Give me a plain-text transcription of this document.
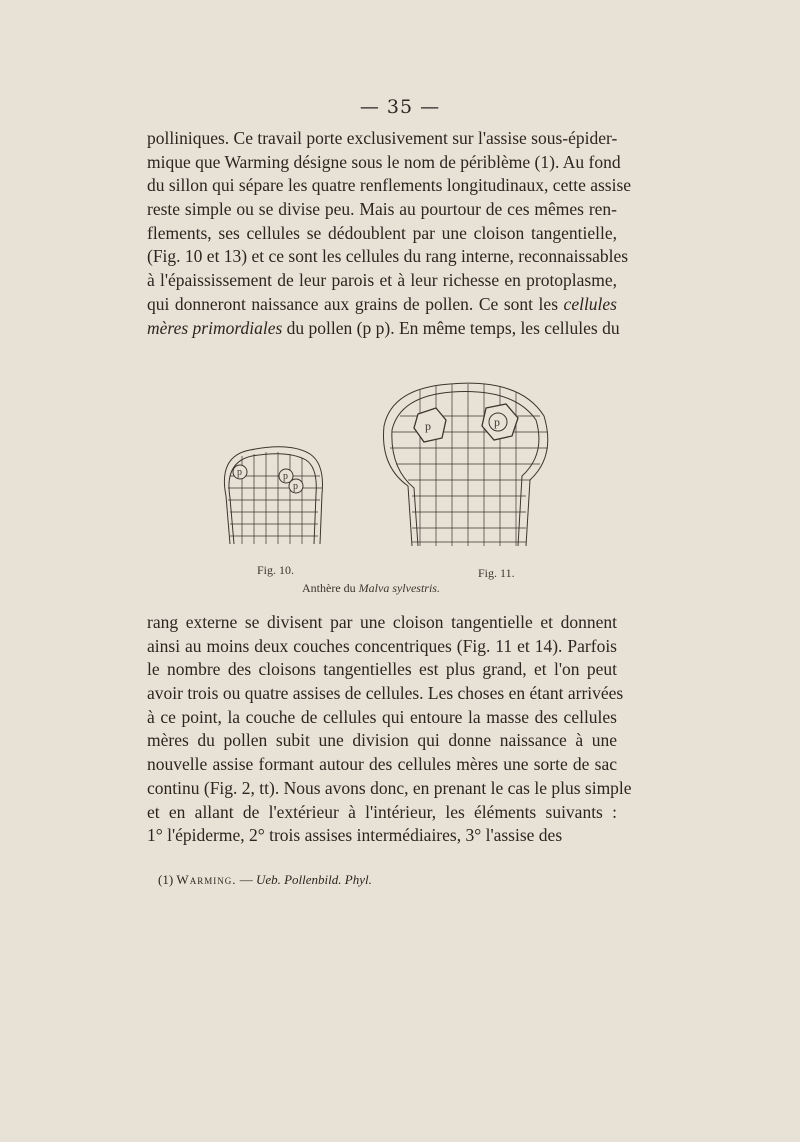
— 35 —
polliniques. Ce travail porte exclusivement sur l'assise sous-épider-
mique que Warming désigne sous le nom de périblème (1). Au fond
du sillon qui sépare les quatre renflements longitudinaux, cette assise
reste simple ou se divise peu. Mais au pourtour de ces mêmes ren-
flements, ses cellules se dédoublent par une cloison tangentielle,
(Fig. 10 et 13) et ce sont les cellules du rang interne, reconnaissables
à l'épaississement de leur parois et à leur richesse en protoplasme,
qui donneront naissance aux grains de pollen. Ce sont les cellules
mères primordiales du pollen (p p). En même temps, les cellules du
p	p
p
p	p
Fig. 10.	Fig. 11.
Anthère du Malva sylvestris.
rang externe se divisent par une cloison tangentielle et donnent
ainsi au moins deux couches concentriques (Fig. 11 et 14). Parfois
le nombre des cloisons tangentielles est plus grand, et l'on peut
avoir trois ou quatre assises de cellules. Les choses en étant arrivées
à ce point, la couche de cellules qui entoure la masse des cellules
mères du pollen subit une division qui donne naissance à une
nouvelle assise formant autour des cellules mères une sorte de sac
continu (Fig. 2, tt). Nous avons donc, en prenant le cas le plus simple
et en allant de l'extérieur à l'intérieur, les éléments suivants :
1° l'épiderme, 2° trois assises intermédiaires, 3° l'assise des
(1) Warming. — Ueb. Pollenbild. Phyl.
